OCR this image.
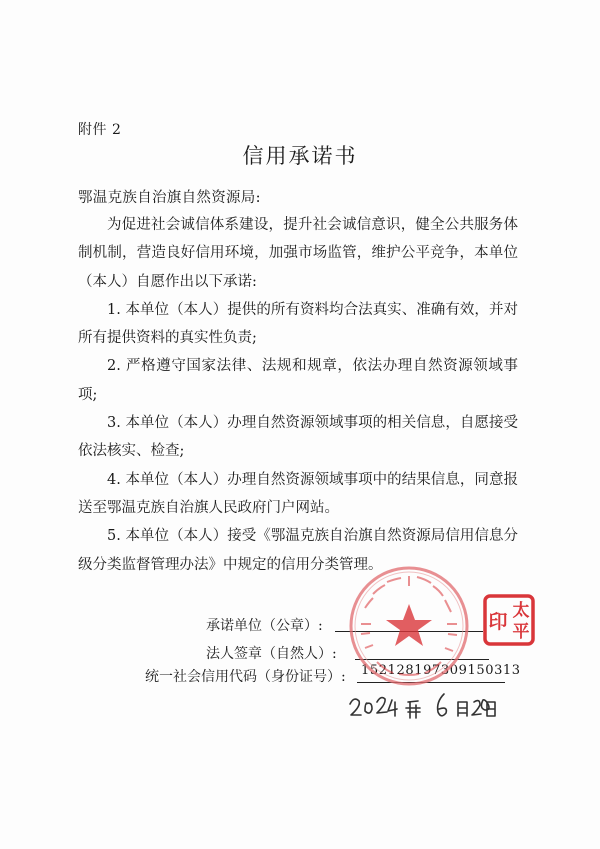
附件 2
信用承诺书
鄂温克族自治旗自然资源局:

为促进社会诚信体系建设，提升社会诚信意识，健全公共服务体制机制，营造良好信用环境，加强市场监管，维护公平竞争，本单位（本人）自愿作出以下承诺:

1. 本单位（本人）提供的所有资料均合法真实、准确有效，并对所有提供资料的真实性负责;

2. 严格遵守国家法律、法规和规章，依法办理自然资源领域事项;

3. 本单位（本人）办理自然资源领域事项的相关信息，自愿接受依法核实、检查;

4. 本单位（本人）办理自然资源领域事项中的结果信息，同意报送至鄂温克族自治旗人民政府门户网站。

5. 本单位（本人）接受《鄂温克族自治旗自然资源局信用信息分级分类监督管理办法》中规定的信用分类管理。

承诺单位（公章）:
法人签章（自然人）:
统一社会信用代码（身份证号）: 152128197309150313
太
平
印
